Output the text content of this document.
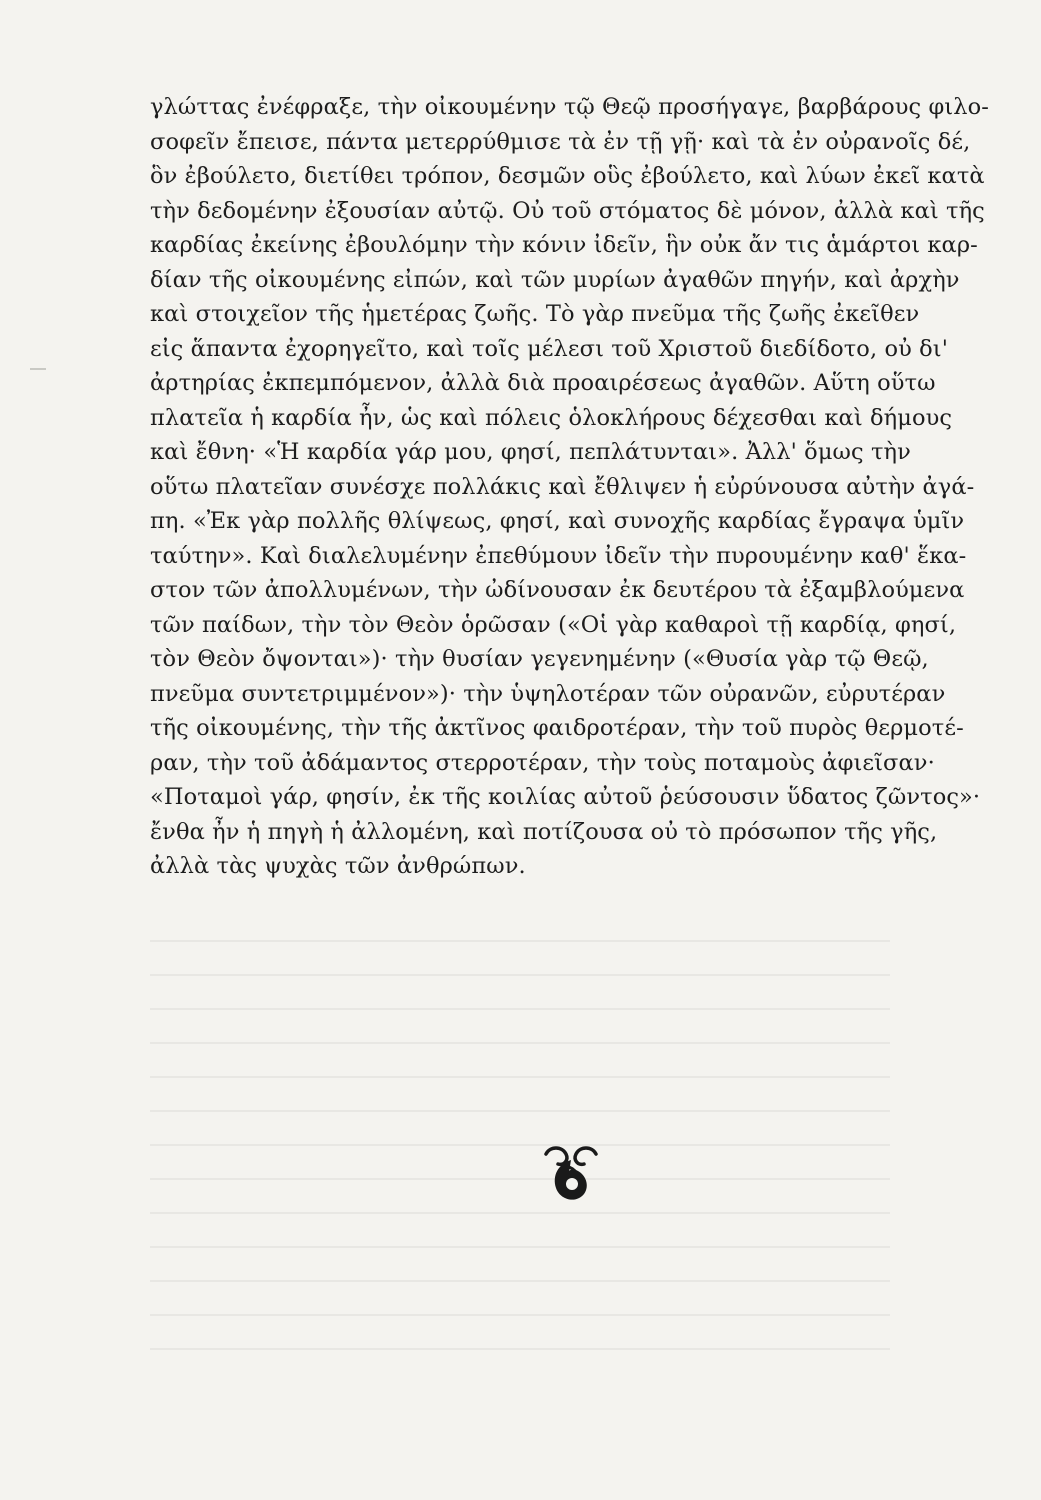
γλώττας ἐνέφραξε, τὴν οἰκουμένην τῷ Θεῷ προσήγαγε, βαρβάρους φιλο-
σοφεῖν ἔπεισε, πάντα μετερρύθμισε τὰ ἐν τῇ γῇ· καὶ τὰ ἐν οὐρανοῖς δέ,
ὃν ἐβούλετο, διετίθει τρόπον, δεσμῶν οὓς ἐβούλετο, καὶ λύων ἐκεῖ κατὰ
τὴν δεδομένην ἐξουσίαν αὐτῷ. Οὐ τοῦ στόματος δὲ μόνον, ἀλλὰ καὶ τῆς
καρδίας ἐκείνης ἐβουλόμην τὴν κόνιν ἰδεῖν, ἣν οὐκ ἄν τις ἁμάρτοι καρ-
δίαν τῆς οἰκουμένης εἰπών, καὶ τῶν μυρίων ἀγαθῶν πηγήν, καὶ ἀρχὴν
καὶ στοιχεῖον τῆς ἡμετέρας ζωῆς. Τὸ γὰρ πνεῦμα τῆς ζωῆς ἐκεῖθεν
εἰς ἅπαντα ἐχορηγεῖτο, καὶ τοῖς μέλεσι τοῦ Χριστοῦ διεδίδοτο, οὐ δι'
ἀρτηρίας ἐκπεμπόμενον, ἀλλὰ διὰ προαιρέσεως ἀγαθῶν. Αὕτη οὕτω
πλατεῖα ἡ καρδία ἦν, ὡς καὶ πόλεις ὁλοκλήρους δέχεσθαι καὶ δήμους
καὶ ἔθνη· «Ἡ καρδία γάρ μου, φησί, πεπλάτυνται». Ἀλλ' ὅμως τὴν
οὕτω πλατεῖαν συνέσχε πολλάκις καὶ ἔθλιψεν ἡ εὐρύνουσα αὐτὴν ἀγά-
πη. «Ἐκ γὰρ πολλῆς θλίψεως, φησί, καὶ συνοχῆς καρδίας ἔγραψα ὑμῖν
ταύτην». Καὶ διαλελυμένην ἐπεθύμουν ἰδεῖν τὴν πυρουμένην καθ' ἕκα-
στον τῶν ἀπολλυμένων, τὴν ὠδίνουσαν ἐκ δευτέρου τὰ ἐξαμβλούμενα
τῶν παίδων, τὴν τὸν Θεὸν ὁρῶσαν («Οἱ γὰρ καθαροὶ τῇ καρδίᾳ, φησί,
τὸν Θεὸν ὄψονται»)· τὴν θυσίαν γεγενημένην («Θυσία γὰρ τῷ Θεῷ,
πνεῦμα συντετριμμένον»)· τὴν ὑψηλοτέραν τῶν οὐρανῶν, εὐρυτέραν
τῆς οἰκουμένης, τὴν τῆς ἀκτῖνος φαιδροτέραν, τὴν τοῦ πυρὸς θερμοτέ-
ραν, τὴν τοῦ ἀδάμαντος στερροτέραν, τὴν τοὺς ποταμοὺς ἀφιεῖσαν·
«Ποταμοὶ γάρ, φησίν, ἐκ τῆς κοιλίας αὐτοῦ ῥεύσουσιν ὕδατος ζῶντος»·
ἔνθα ἦν ἡ πηγὴ ἡ ἀλλομένη, καὶ ποτίζουσα οὐ τὸ πρόσωπον τῆς γῆς,
ἀλλὰ τὰς ψυχὰς τῶν ἀνθρώπων.
